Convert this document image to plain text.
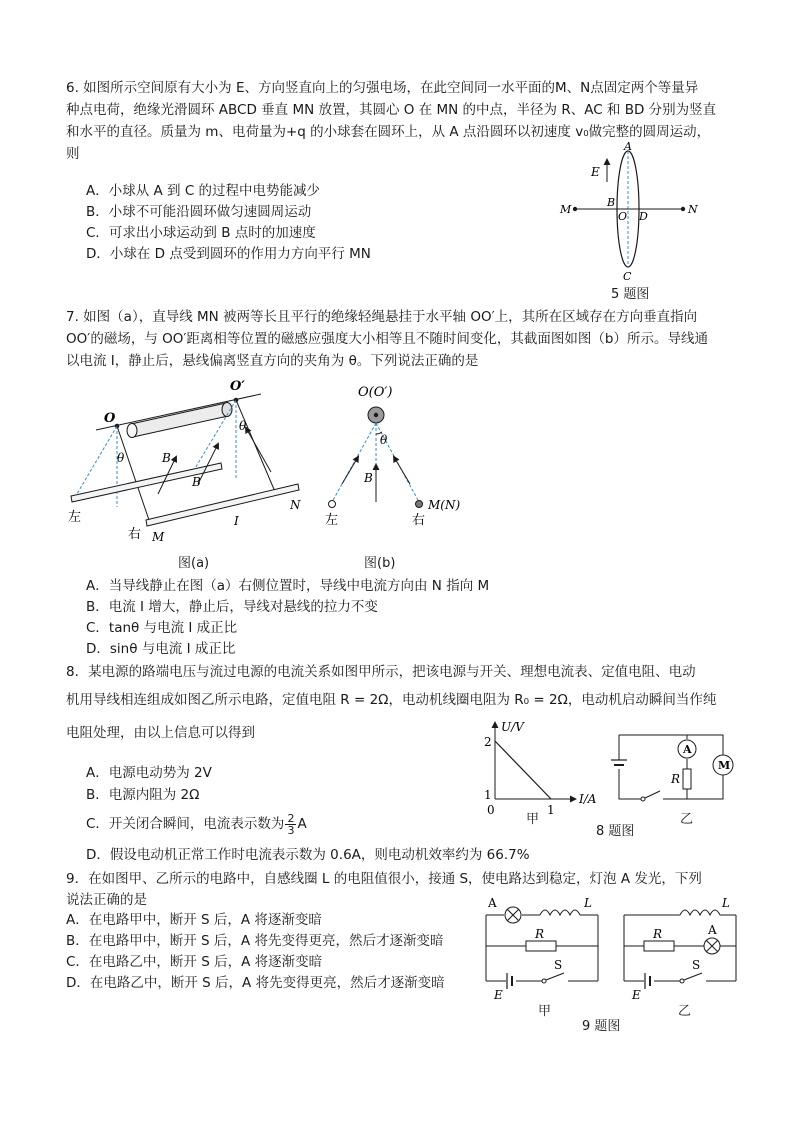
6. 如图所示空间原有大小为 E、方向竖直向上的匀强电场，在此空间同一水平面的M、N点固定两个等量异
种点电荷，绝缘光滑圆环 ABCD 垂直 MN 放置，其圆心 O 在 MN 的中点，半径为 R、AC 和 BD 分别为竖直
和水平的直径。质量为 m、电荷量为+q 的小球套在圆环上，从 A 点沿圆环以初速度 v₀做完整的圆周运动，
则
A．小球从 A 到 C 的过程中电势能减少
B．小球不可能沿圆环做匀速圆周运动
C．可求出小球运动到 B 点时的加速度
D．小球在 D 点受到圆环的作用力方向平行 MN
E
A
B
O D
C
M	N
5 题图
7. 如图（a），直导线 MN 被两等长且平行的绝缘轻绳悬挂于水平轴 OO′上，其所在区域存在方向垂直指向
OO′的磁场，与 OO′距离相等位置的磁感应强度大小相等且不随时间变化，其截面图如图（b）所示。导线通
以电流 I，静止后，悬线偏离竖直方向的夹角为 θ。下列说法正确的是
O
O′
θ
θ
B
B
I
N
左
右 M
图(a)
O(O′)
θ
B
左	右
M(N)
图(b)
A．当导线静止在图（a）右侧位置时，导线中电流方向由 N 指向 M
B．电流 I 增大，静止后，导线对悬线的拉力不变
C．tanθ 与电流 I 成正比
D．sinθ 与电流 I 成正比
8．某电源的路端电压与流过电源的电流关系如图甲所示，把该电源与开关、理想电流表、定值电阻、电动
机用导线相连组成如图乙所示电路，定值电阻 R = 2Ω，电动机线圈电阻为 R₀ = 2Ω，电动机启动瞬间当作纯
电阻处理，由以上信息可以得到
A．电源电动势为 2V
B．电源内阻为 2Ω
C．开关闭合瞬间，电流表示数为 $\frac{2}{3}$ A
D．假设电动机正常工作时电流表示数为 0.6A，则电动机效率约为 66.7%
U/V
I/A
2
1
0	1
甲
A
R
M
乙
8 题图
9．在如图甲、乙所示的电路中，自感线圈 L 的电阻值很小，接通 S，使电路达到稳定，灯泡 A 发光，下列
说法正确的是
A．在电路甲中，断开 S 后，A 将逐渐变暗
B．在电路甲中，断开 S 后，A 将先变得更亮，然后才逐渐变暗
C．在电路乙中，断开 S 后，A 将逐渐变暗
D．在电路乙中，断开 S 后，A 将先变得更亮，然后才逐渐变暗
A	L
R
S
E
甲
L
R	A
S
E
乙
9 题图
